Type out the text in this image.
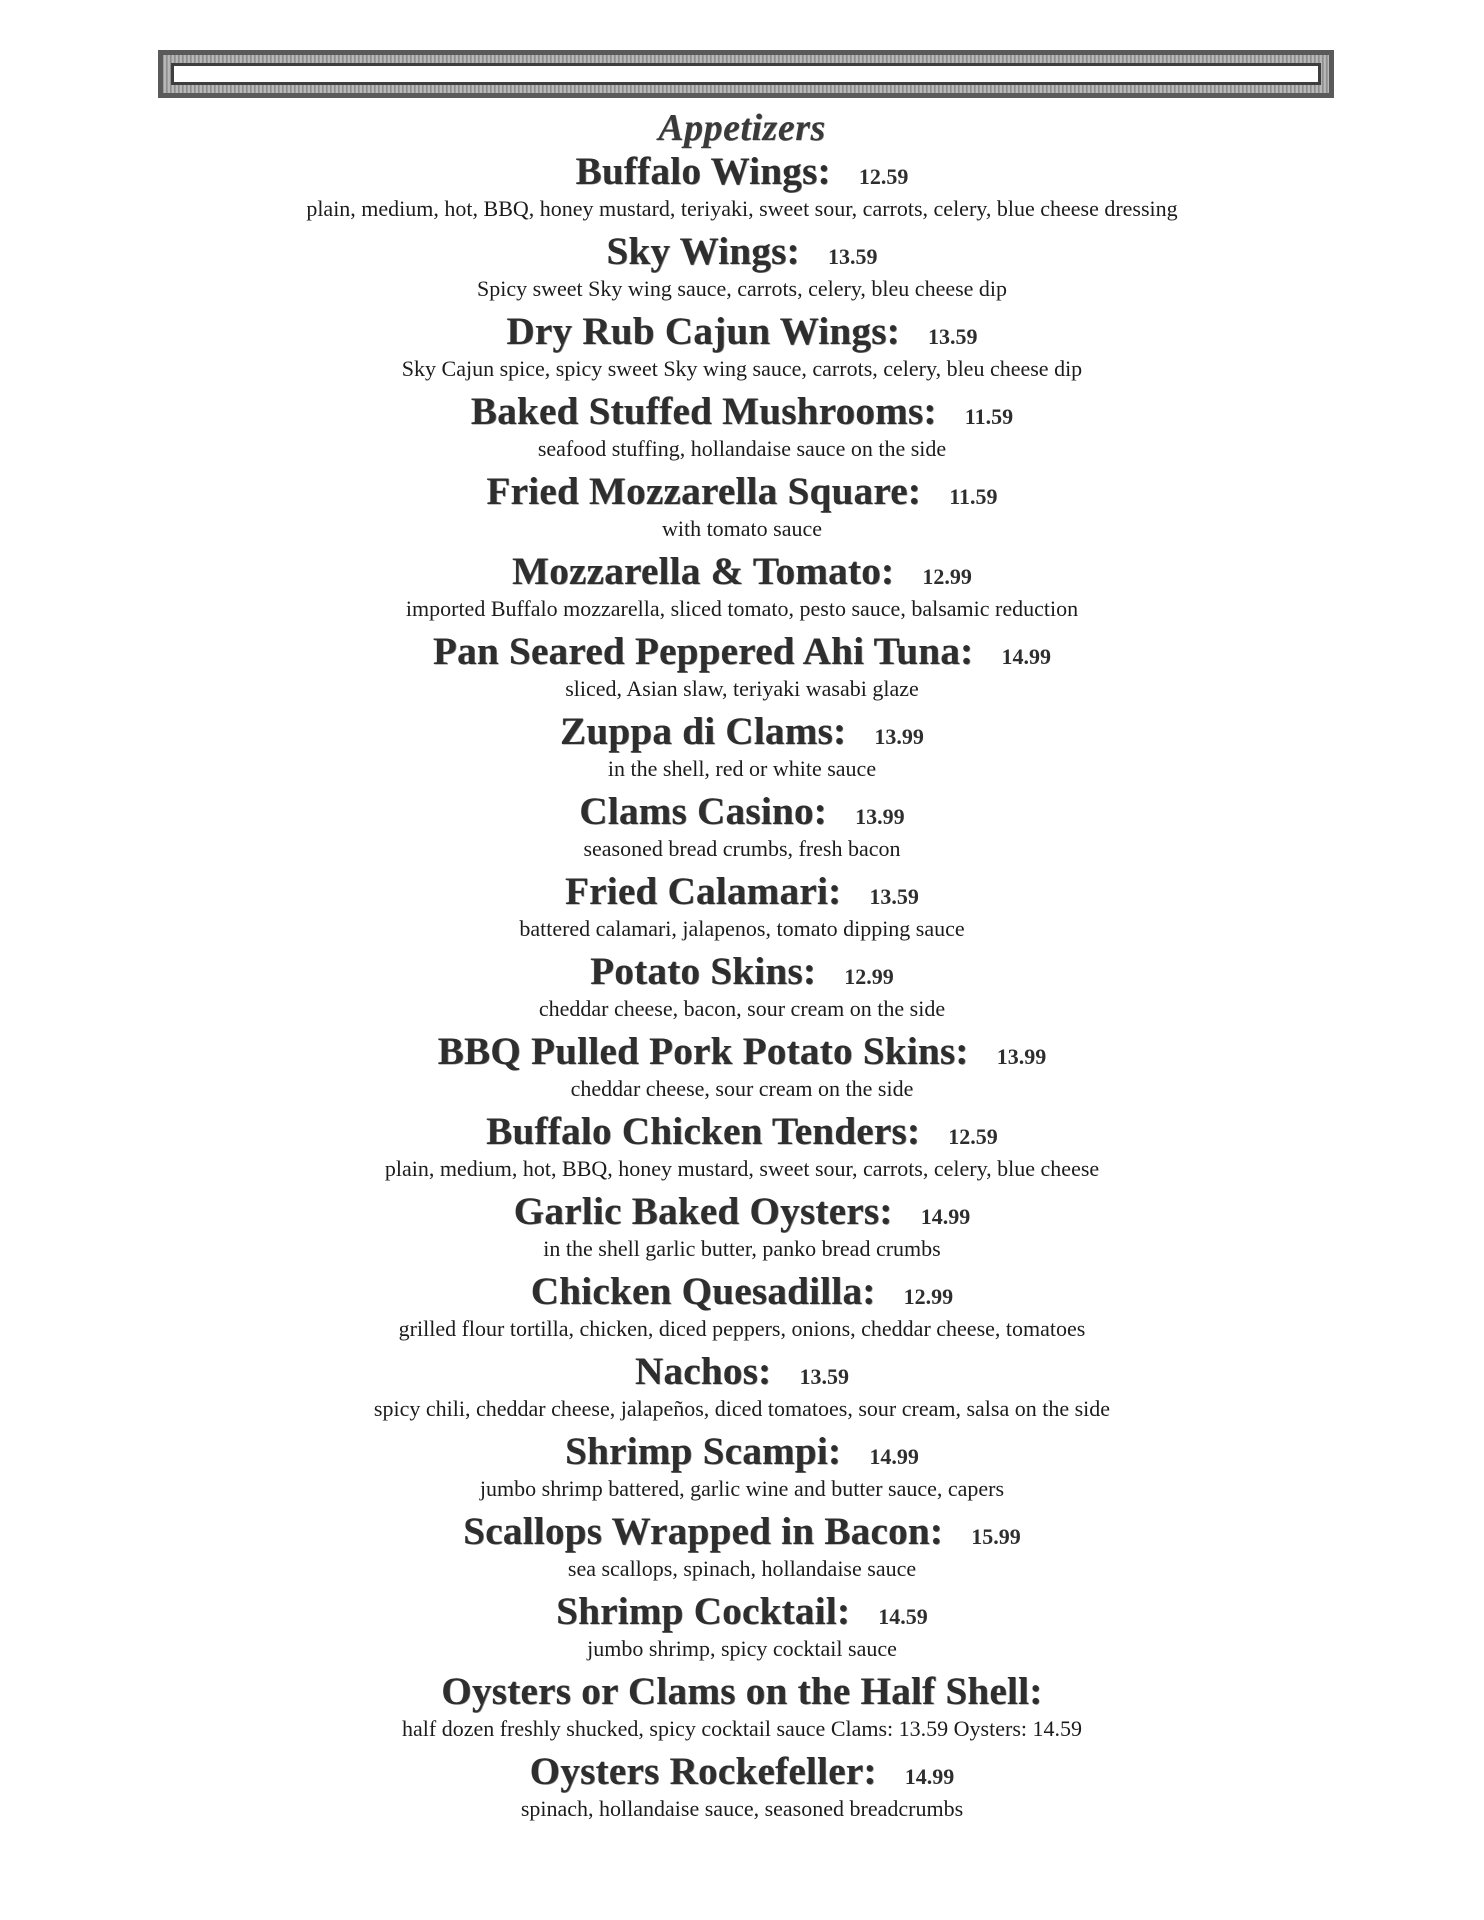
Appetizers
Buffalo Wings: 12.59
plain, medium, hot, BBQ, honey mustard, teriyaki, sweet sour, carrots, celery, blue cheese dressing
Sky Wings: 13.59
Spicy sweet Sky wing sauce, carrots, celery, bleu cheese dip
Dry Rub Cajun Wings: 13.59
Sky Cajun spice, spicy sweet Sky wing sauce, carrots, celery, bleu cheese dip
Baked Stuffed Mushrooms: 11.59
seafood stuffing, hollandaise sauce on the side
Fried Mozzarella Square: 11.59
with tomato sauce
Mozzarella & Tomato: 12.99
imported Buffalo mozzarella, sliced tomato, pesto sauce, balsamic reduction
Pan Seared Peppered Ahi Tuna: 14.99
sliced, Asian slaw, teriyaki wasabi glaze
Zuppa di Clams: 13.99
in the shell, red or white sauce
Clams Casino: 13.99
seasoned bread crumbs, fresh bacon
Fried Calamari: 13.59
battered calamari, jalapenos, tomato dipping sauce
Potato Skins: 12.99
cheddar cheese, bacon, sour cream on the side
BBQ Pulled Pork Potato Skins: 13.99
cheddar cheese, sour cream on the side
Buffalo Chicken Tenders: 12.59
plain, medium, hot, BBQ, honey mustard, sweet sour, carrots, celery, blue cheese
Garlic Baked Oysters: 14.99
in the shell garlic butter, panko bread crumbs
Chicken Quesadilla: 12.99
grilled flour tortilla, chicken, diced peppers, onions, cheddar cheese, tomatoes
Nachos: 13.59
spicy chili, cheddar cheese, jalapeños, diced tomatoes, sour cream, salsa on the side
Shrimp Scampi: 14.99
jumbo shrimp battered, garlic wine and butter sauce, capers
Scallops Wrapped in Bacon: 15.99
sea scallops, spinach, hollandaise sauce
Shrimp Cocktail: 14.59
jumbo shrimp, spicy cocktail sauce
Oysters or Clams on the Half Shell:
half dozen freshly shucked, spicy cocktail sauce Clams: 13.59 Oysters: 14.59
Oysters Rockefeller: 14.99
spinach, hollandaise sauce, seasoned breadcrumbs
